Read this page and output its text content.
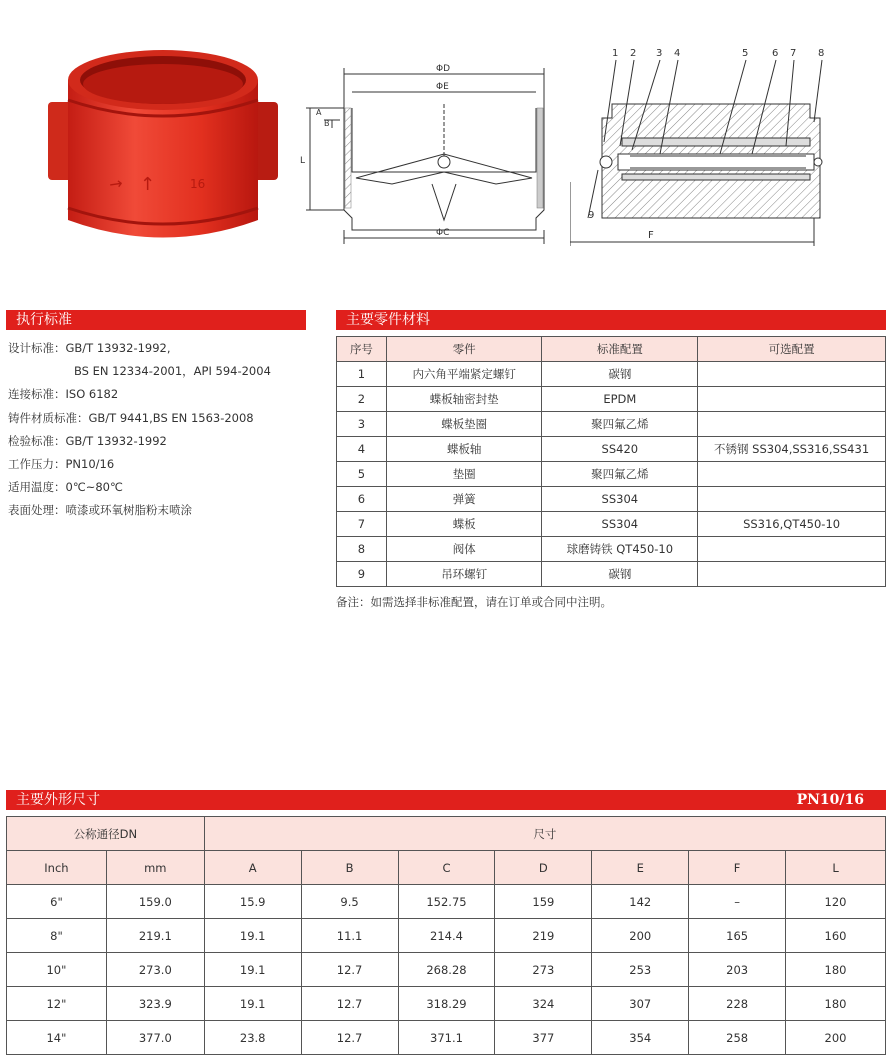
→ ↑	16
ΦD
ΦE
ΦC
A
B
L
1 2 3 4	5 6 7 8
9
F
执行标准
设计标准：GB/T 13932-1992,
BS EN 12334-2001，API 594-2004
连接标准：ISO 6182
铸件材质标准：GB/T 9441,BS EN 1563-2008
检验标准：GB/T 13932-1992
工作压力：PN10/16
适用温度：0℃~80℃
表面处理：喷漆或环氧树脂粉末喷涂
主要零件材料
序号	零件	标准配置	可选配置
1	内六角平端紧定螺钉	碳钢	
2	蝶板轴密封垫	EPDM	
3	蝶板垫圈	聚四氟乙烯	
4	蝶板轴	SS420	不锈钢 SS304,SS316,SS431
5	垫圈	聚四氟乙烯	
6	弹簧	SS304	
7	蝶板	SS304	SS316,QT450-10
8	阀体	球磨铸铁 QT450-10	
9	吊环螺钉	碳钢	
备注：如需选择非标准配置，请在订单或合同中注明。
主要外形尺寸	PN10/16
公称通径DN		尺寸						
Inch	mm	A	B	C	D	E	F	L
6"	159.0	15.9	9.5	152.75	159	142	–	120
8"	219.1	19.1	11.1	214.4	219	200	165	160
10"	273.0	19.1	12.7	268.28	273	253	203	180
12"	323.9	19.1	12.7	318.29	324	307	228	180
14"	377.0	23.8	12.7	371.1	377	354	258	200
